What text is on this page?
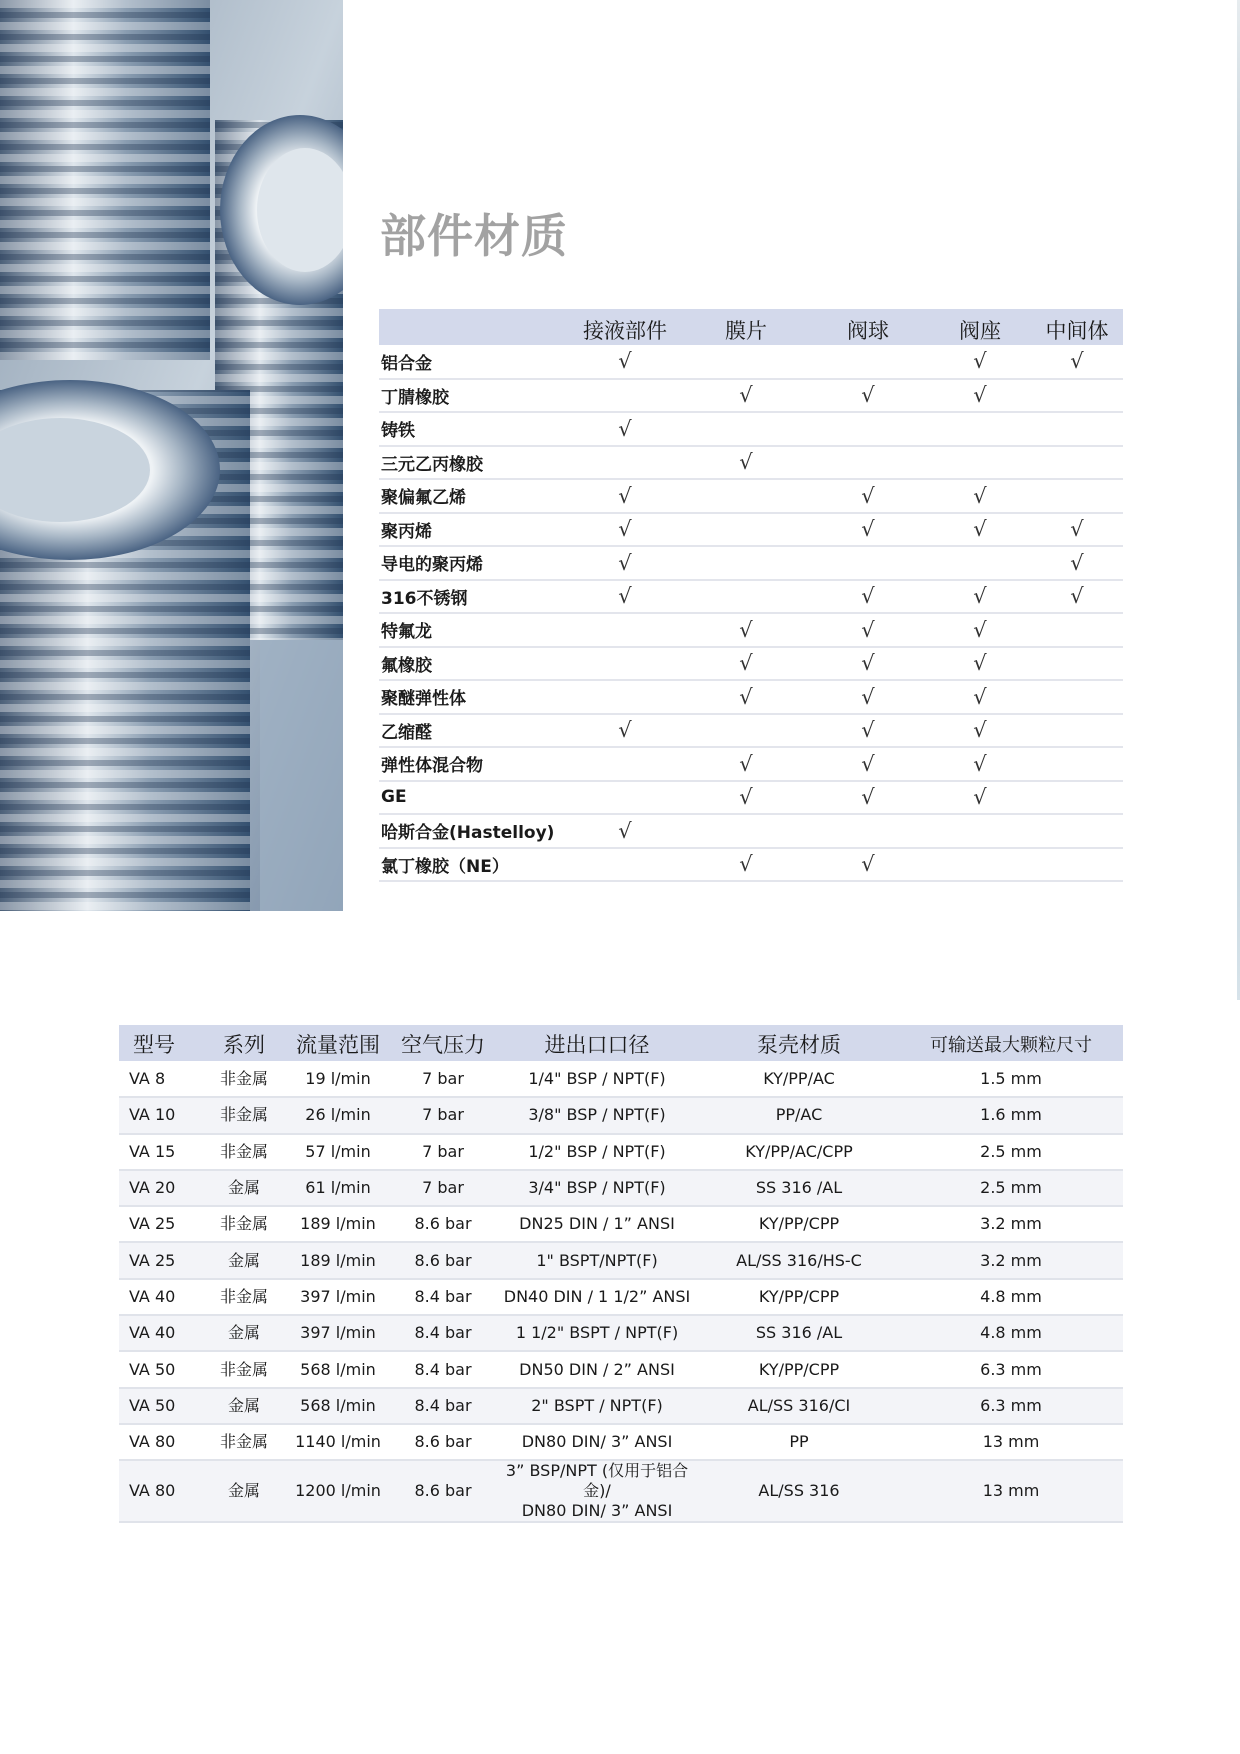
部件材质
	接液部件	膜片	阀球	阀座	中间体
铝合金	√			√	√
丁腈橡胶		√	√	√	
铸铁	√				
三元乙丙橡胶		√			
聚偏氟乙烯	√		√	√	
聚丙烯	√		√	√	√
导电的聚丙烯	√				√
316不锈钢	√		√	√	√
特氟龙		√	√	√	
氟橡胶		√	√	√	
聚醚弹性体		√	√	√	
乙缩醛	√		√	√	
弹性体混合物		√	√	√	
GE		√	√	√	
哈斯合金(Hastelloy)	√				
氯丁橡胶（NE）		√	√		
型号	系列	流量范围	空气压力	进出口口径	泵壳材质	可输送最大颗粒尺寸
VA 8	非金属	19 l/min	7 bar	1/4" BSP / NPT(F)	KY/PP/AC	1.5 mm
VA 10	非金属	26 l/min	7 bar	3/8" BSP / NPT(F)	PP/AC	1.6 mm
VA 15	非金属	57 l/min	7 bar	1/2" BSP / NPT(F)	KY/PP/AC/CPP	2.5 mm
VA 20	金属	61 l/min	7 bar	3/4" BSP / NPT(F)	SS 316 /AL	2.5 mm
VA 25	非金属	189 l/min	8.6 bar	DN25 DIN / 1” ANSI	KY/PP/CPP	3.2 mm
VA 25	金属	189 l/min	8.6 bar	1" BSPT/NPT(F)	AL/SS 316/HS-C	3.2 mm
VA 40	非金属	397 l/min	8.4 bar	DN40 DIN / 1 1/2” ANSI	KY/PP/CPP	4.8 mm
VA 40	金属	397 l/min	8.4 bar	1 1/2" BSPT / NPT(F)	SS 316 /AL	4.8 mm
VA 50	非金属	568 l/min	8.4 bar	DN50 DIN / 2” ANSI	KY/PP/CPP	6.3 mm
VA 50	金属	568 l/min	8.4 bar	2" BSPT / NPT(F)	AL/SS 316/CI	6.3 mm
VA 80	非金属	1140 l/min	8.6 bar	DN80 DIN/ 3” ANSI	PP	13 mm
VA 80	金属	1200 l/min	8.6 bar	3” BSP/NPT (仅用于铝合金)/
DN80 DIN/ 3” ANSI	AL/SS 316	13 mm
